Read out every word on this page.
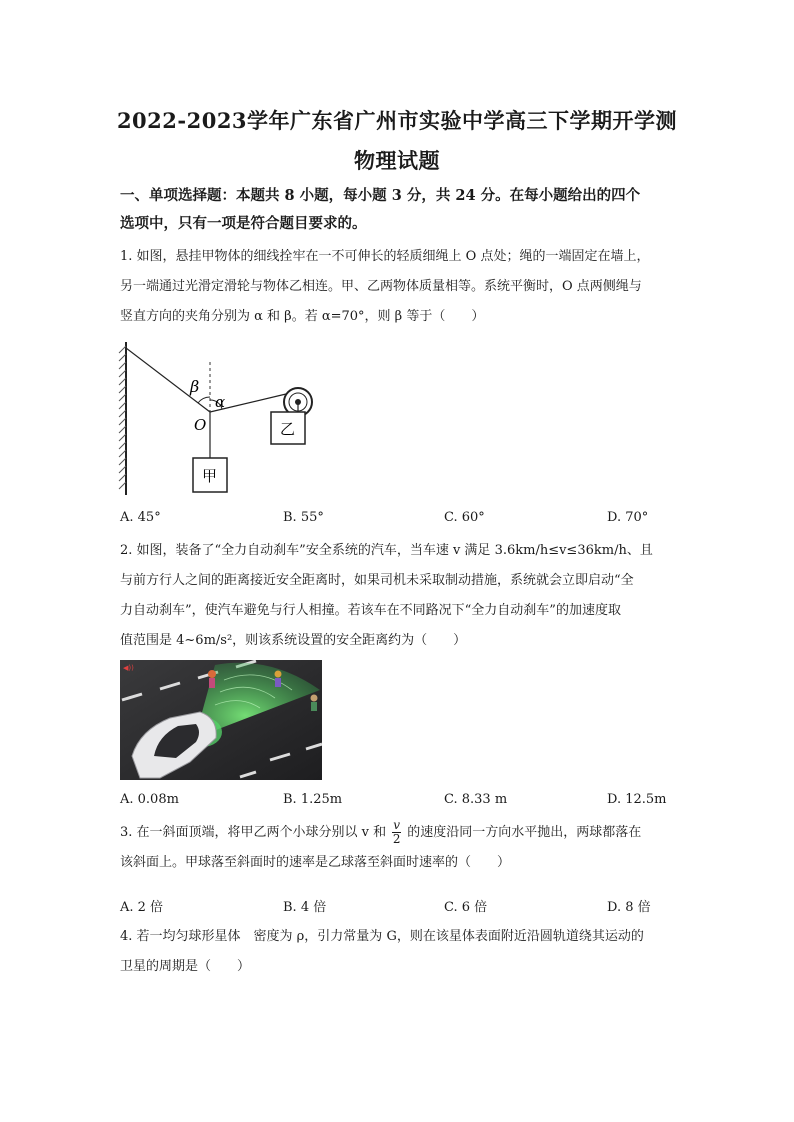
2022-2023学年广东省广州市实验中学高三下学期开学测
物理试题
一、单项选择题：本题共 8 小题，每小题 3 分，共 24 分。在每小题给出的四个
选项中，只有一项是符合题目要求的。
1. 如图，悬挂甲物体的细线拴牢在一不可伸长的轻质细绳上 O 点处；绳的一端固定在墙上，
另一端通过光滑定滑轮与物体乙相连。甲、乙两物体质量相等。系统平衡时，O 点两侧绳与
竖直方向的夹角分别为 α 和 β。若 α=70°，则 β 等于（　　）
β
α
O
甲
乙
A. 45°	B. 55°	C. 60°	D. 70°
2. 如图，装备了“全力自动刹车”安全系统的汽车，当车速 v 满足 3.6km/h≤v≤36km/h、且
与前方行人之间的距离接近安全距离时，如果司机未采取制动措施，系统就会立即启动“全
力自动刹车”，使汽车避免与行人相撞。若该车在不同路况下“全力自动刹车”的加速度取
值范围是 4~6m/s²，则该系统设置的安全距离约为（　　）
◀))
A. 0.08m	B. 1.25m	C. 8.33 m	D. 12.5m
3. 在一斜面顶端，将甲乙两个小球分别以 v 和 $\frac{v}{2}$ 的速度沿同一方向水平抛出，两球都落在
该斜面上。甲球落至斜面时的速率是乙球落至斜面时速率的（　　）
A. 2 倍	B. 4 倍	C. 6 倍	D. 8 倍
4. 若一均匀球形星体　密度为 ρ，引力常量为 G，则在该星体表面附近沿圆轨道绕其运动的
卫星的周期是（　　）
